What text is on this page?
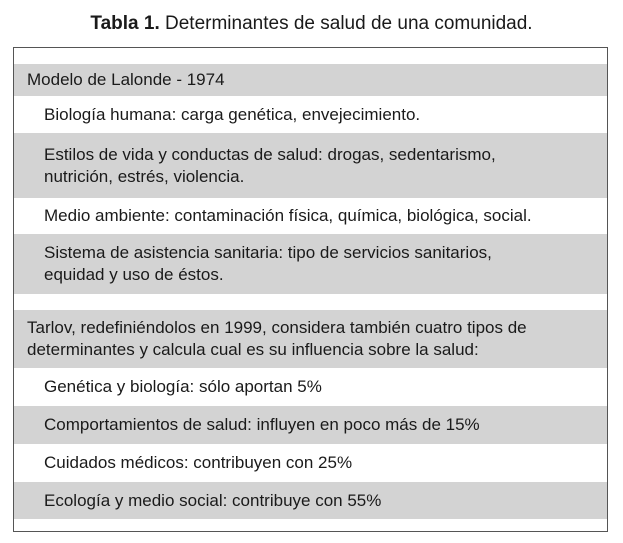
Tabla 1. Determinantes de salud de una comunidad.
Modelo de Lalonde - 1974
Biología humana: carga genética, envejecimiento.
Estilos de vida y conductas de salud: drogas, sedentarismo,
nutrición, estrés, violencia.
Medio ambiente: contaminación física, química, biológica, social.
Sistema de asistencia sanitaria: tipo de servicios sanitarios,
equidad y uso de éstos.
Tarlov, redefiniéndolos en 1999, considera también cuatro tipos de
determinantes y calcula cual es su influencia sobre la salud:
Genética y biología: sólo aportan 5%
Comportamientos de salud: influyen en poco más de 15%
Cuidados médicos: contribuyen con 25%
Ecología y medio social: contribuye con 55%
